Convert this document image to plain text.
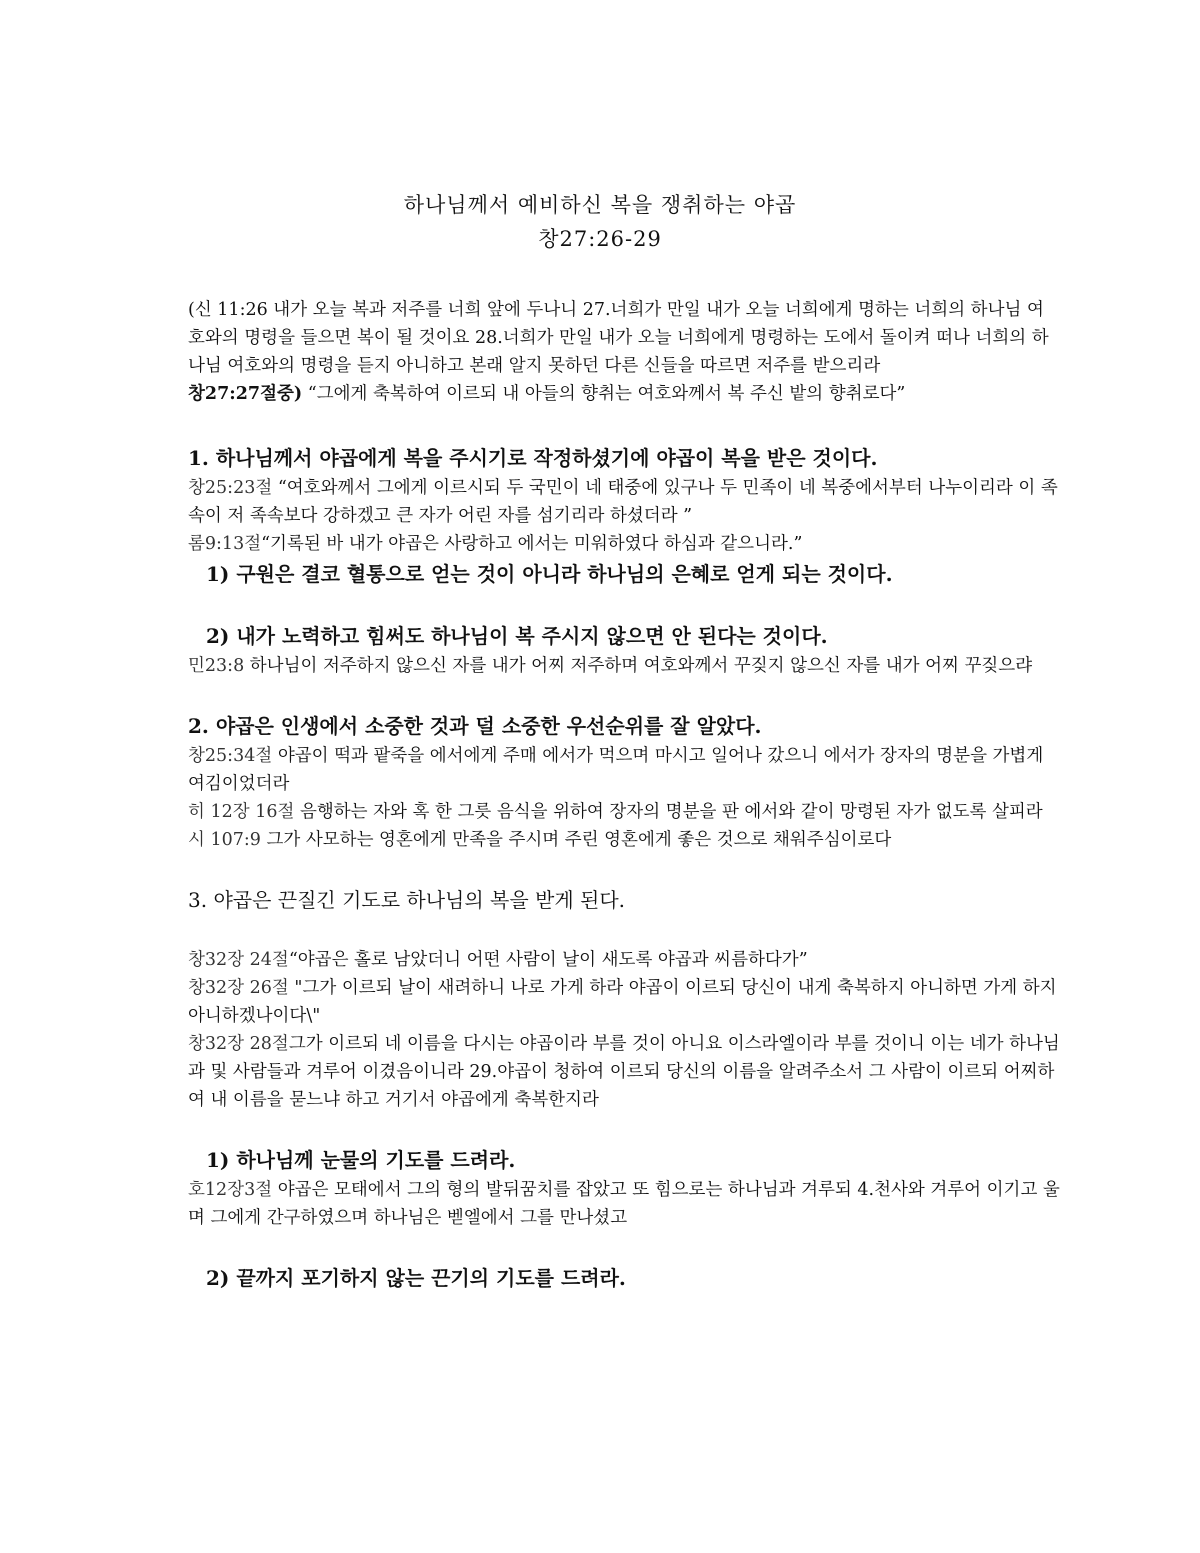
하나님께서 예비하신 복을 쟁취하는 야곱
창27:26-29

(신 11:26 내가 오늘 복과 저주를 너희 앞에 두나니 27.너희가 만일 내가 오늘 너희에게 명하는 너희의 하나님 여호와의 명령을 들으면 복이 될 것이요 28.너희가 만일 내가 오늘 너희에게 명령하는 도에서 돌이켜 떠나 너희의 하나님 여호와의 명령을 듣지 아니하고 본래 알지 못하던 다른 신들을 따르면 저주를 받으리라

창27:27절중) “그에게 축복하여 이르되 내 아들의 향취는 여호와께서 복 주신 밭의 향취로다”

1. 하나님께서 야곱에게 복을 주시기로 작정하셨기에 야곱이 복을 받은 것이다.

창25:23절 “여호와께서 그에게 이르시되 두 국민이 네 태중에 있구나 두 민족이 네 복중에서부터 나누이리라 이 족속이 저 족속보다 강하겠고 큰 자가 어린 자를 섬기리라 하셨더라 ”

롬9:13절“기록된 바 내가 야곱은 사랑하고 에서는 미워하였다 하심과 같으니라.”

1) 구원은 결코 혈통으로 얻는 것이 아니라 하나님의 은혜로 얻게 되는 것이다.
2) 내가 노력하고 힘써도 하나님이 복 주시지 않으면 안 된다는 것이다.

민23:8 하나님이 저주하지 않으신 자를 내가 어찌 저주하며 여호와께서 꾸짖지 않으신 자를 내가 어찌 꾸짖으랴

2. 야곱은 인생에서 소중한 것과 덜 소중한 우선순위를 잘 알았다.

창25:34절 야곱이 떡과 팥죽을 에서에게 주매 에서가 먹으며 마시고 일어나 갔으니 에서가 장자의 명분을 가볍게 여김이었더라

히 12장 16절 음행하는 자와 혹 한 그릇 음식을 위하여 장자의 명분을 판 에서와 같이 망령된 자가 없도록 살피라

시 107:9 그가 사모하는 영혼에게 만족을 주시며 주린 영혼에게 좋은 것으로 채워주심이로다

3. 야곱은 끈질긴 기도로 하나님의 복을 받게 된다.

창32장 24절“야곱은 홀로 남았더니 어떤 사람이 날이 새도록 야곱과 씨름하다가”

창32장 26절 "그가 이르되 날이 새려하니 나로 가게 하라 야곱이 이르되 당신이 내게 축복하지 아니하면 가게 하지 아니하겠나이다\"

창32장 28절그가 이르되 네 이름을 다시는 야곱이라 부를 것이 아니요 이스라엘이라 부를 것이니 이는 네가 하나님과 및 사람들과 겨루어 이겼음이니라 29.야곱이 청하여 이르되 당신의 이름을 알려주소서 그 사람이 이르되 어찌하여 내 이름을 묻느냐 하고 거기서 야곱에게 축복한지라

1) 하나님께 눈물의 기도를 드려라.

호12장3절 야곱은 모태에서 그의 형의 발뒤꿈치를 잡았고 또 힘으로는 하나님과 겨루되 4.천사와 겨루어 이기고 울며 그에게 간구하였으며 하나님은 벧엘에서 그를 만나셨고

2) 끝까지 포기하지 않는 끈기의 기도를 드려라.
